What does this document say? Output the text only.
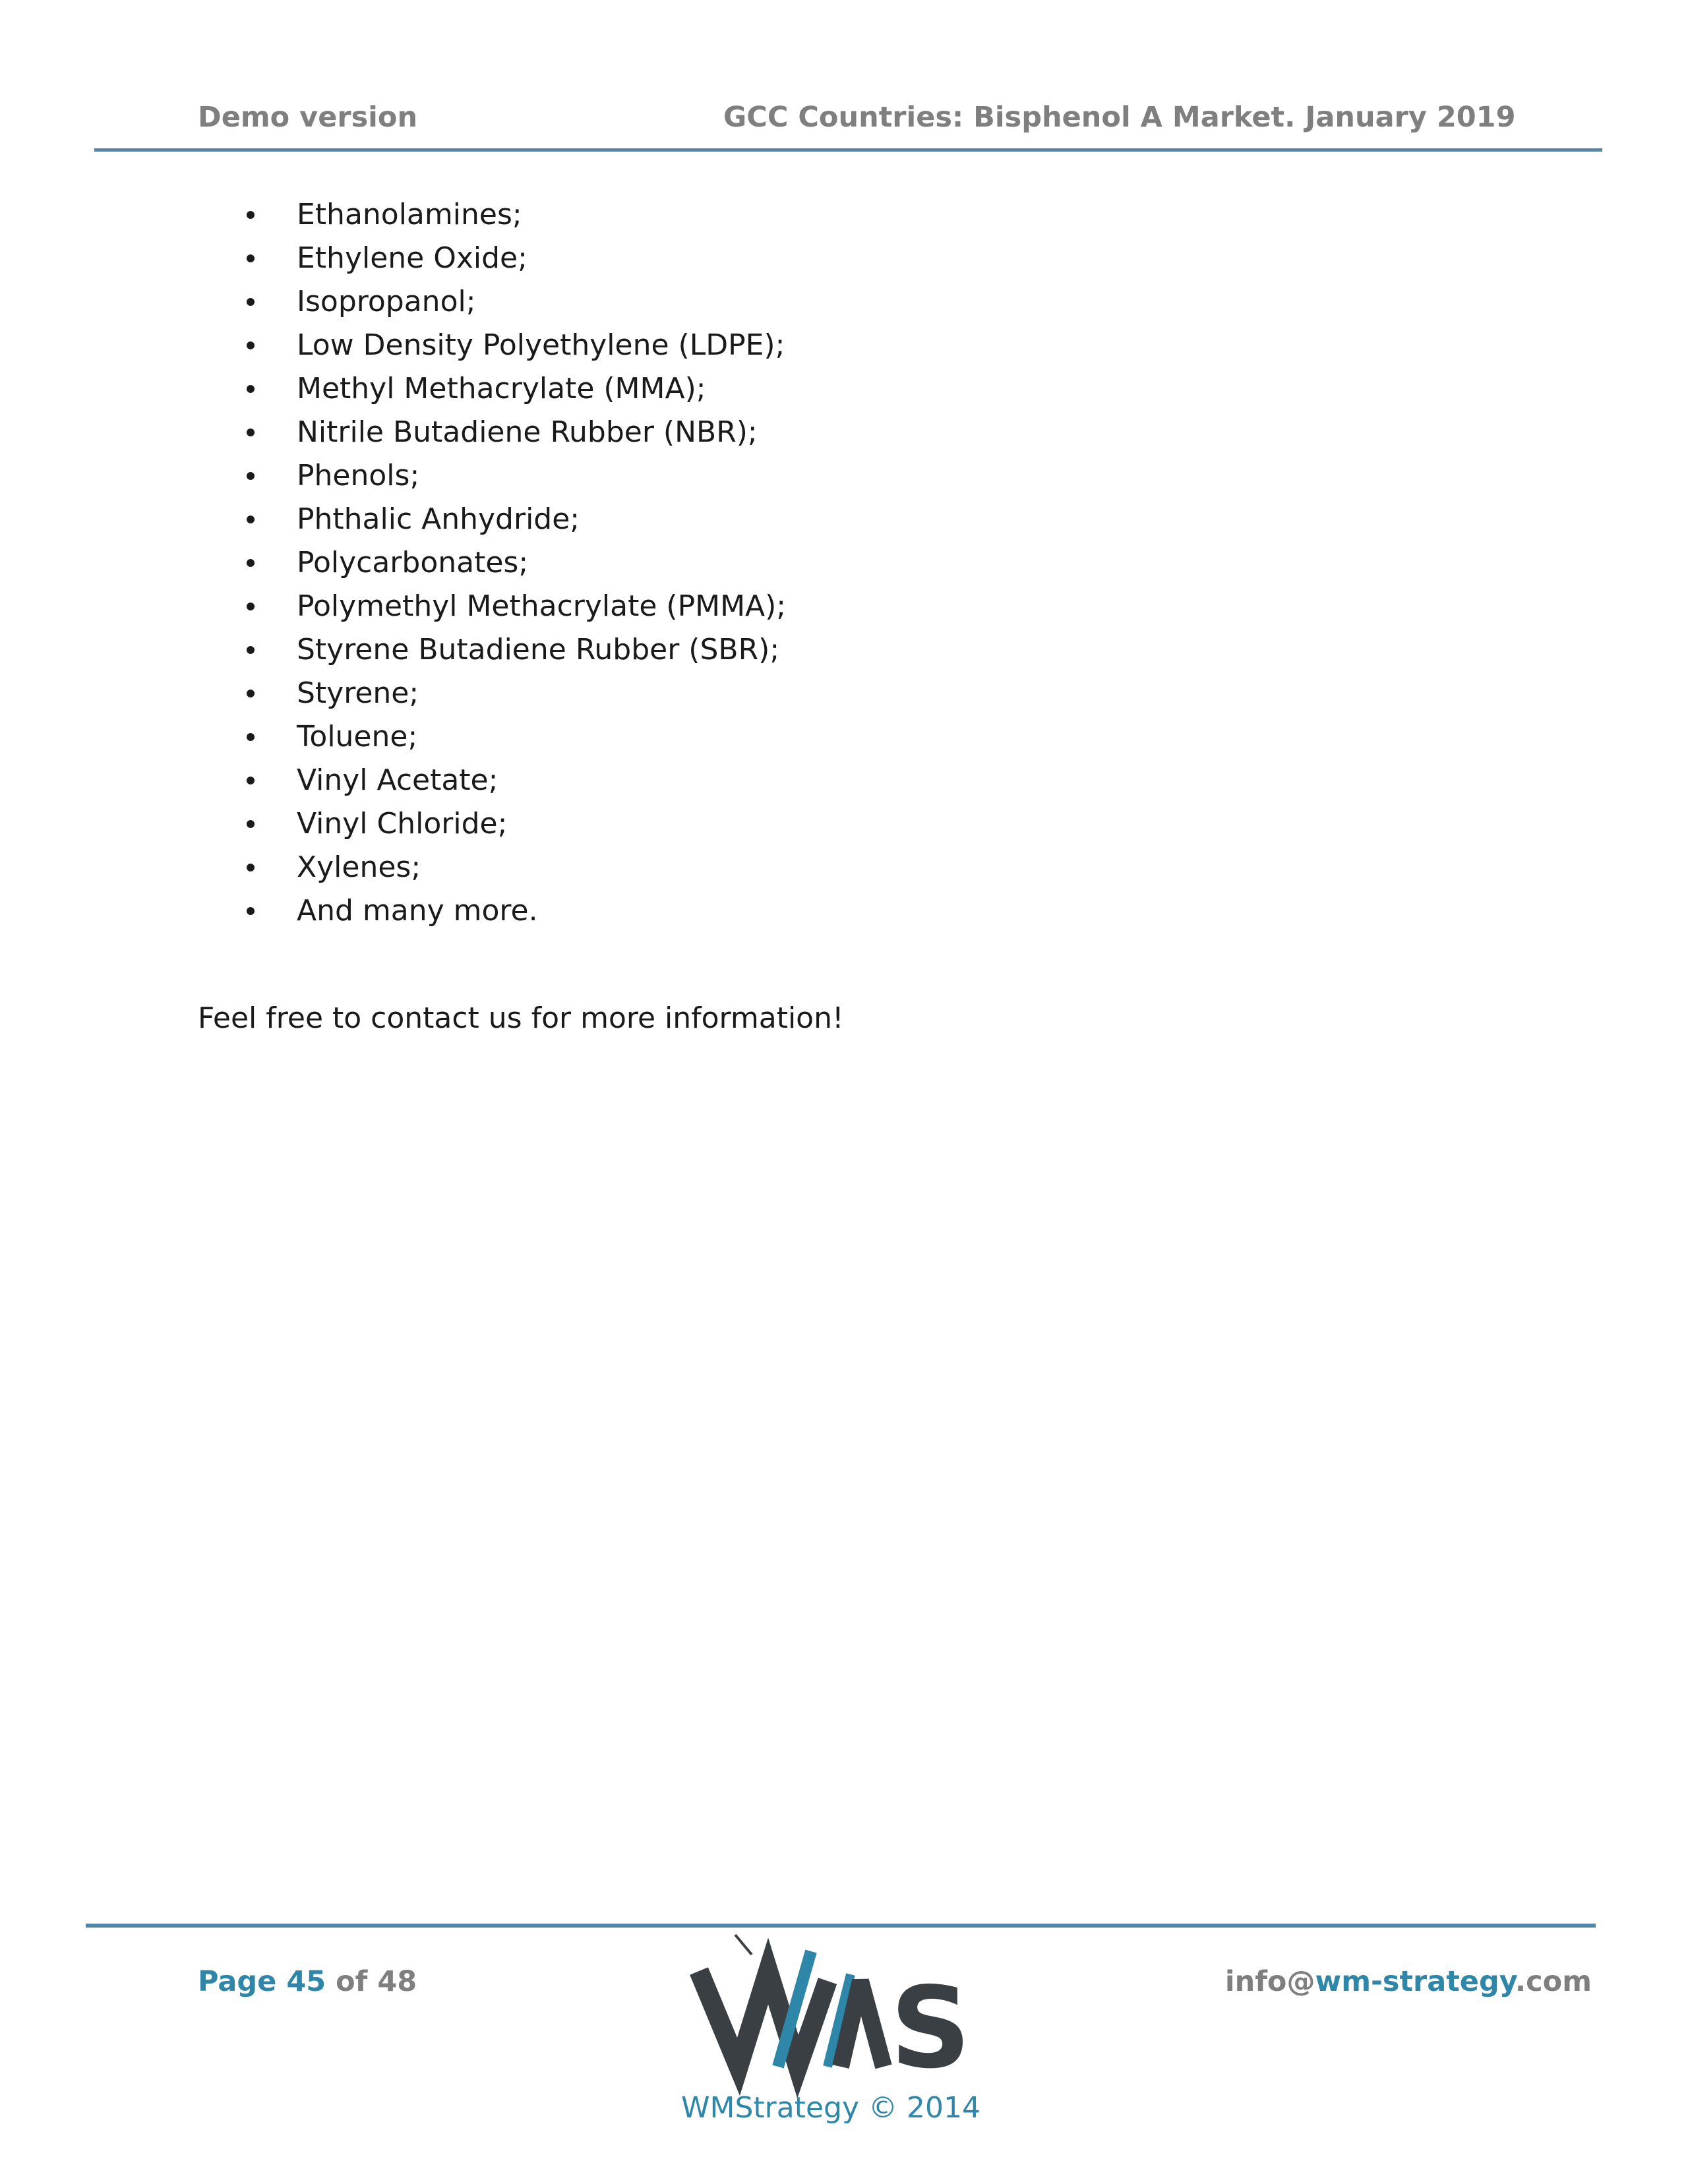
Demo version	GCC Countries: Bisphenol A Market. January 2019
Ethanolamines;
Ethylene Oxide;
Isopropanol;
Low Density Polyethylene (LDPE);
Methyl Methacrylate (MMA);
Nitrile Butadiene Rubber (NBR);
Phenols;
Phthalic Anhydride;
Polycarbonates;
Polymethyl Methacrylate (PMMA);
Styrene Butadiene Rubber (SBR);
Styrene;
Toluene;
Vinyl Acetate;
Vinyl Chloride;
Xylenes;
And many more.
Feel free to contact us for more information!
Page 45 of 48	S
WMStrategy © 2014
info@wm-strategy.com
